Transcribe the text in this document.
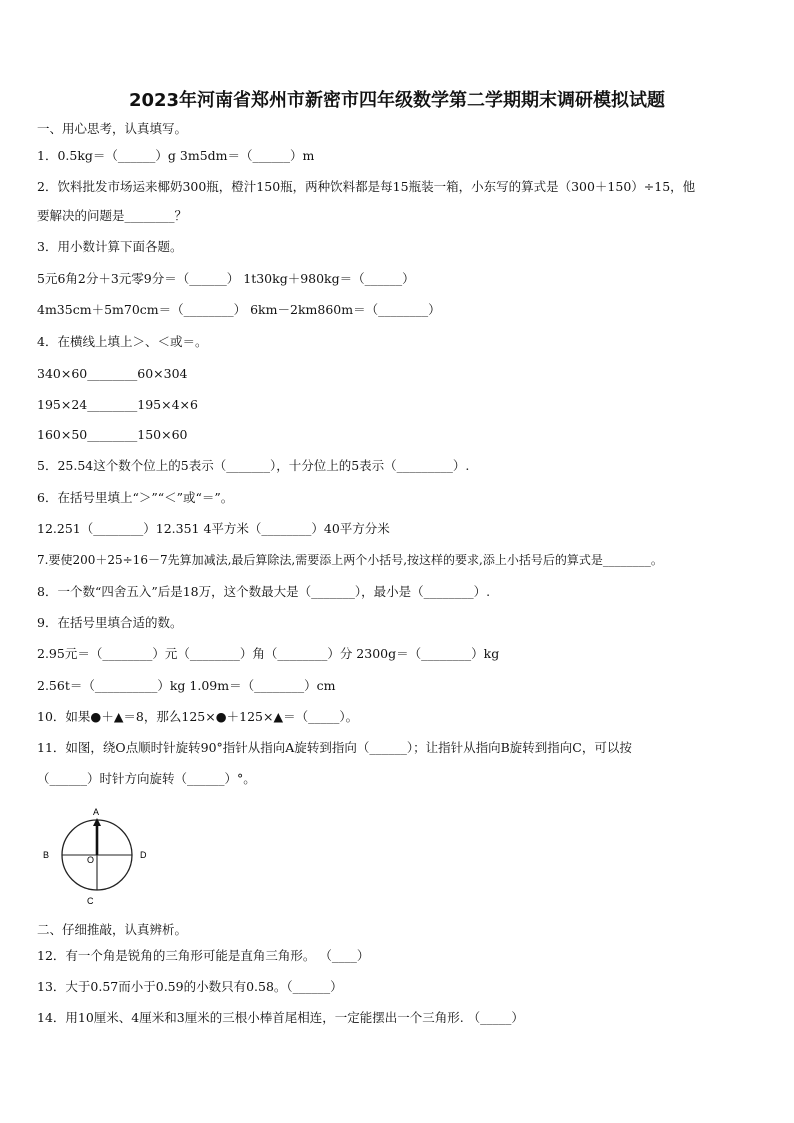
2023年河南省郑州市新密市四年级数学第二学期期末调研模拟试题
一、用心思考，认真填写。
1．0.5kg＝（______）g 3m5dm＝（______）m
2．饮料批发市场运来椰奶300瓶，橙汁150瓶，两种饮料都是每15瓶装一箱，小东写的算式是（300＋150）÷15，他
要解决的问题是________？
3．用小数计算下面各题。
5元6角2分＋3元零9分＝（______） 1t30kg＋980kg＝（______）
4m35cm＋5m70cm＝（________） 6km－2km860m＝（________）
4．在横线上填上＞、＜或＝。
340×60________60×304
195×24________195×4×6
160×50________150×60
5．25.54这个数个位上的5表示（_______），十分位上的5表示（_________）.
6．在括号里填上“＞”“＜”或“＝”。
12.251（________）12.351 4平方米（________）40平方分米
7.要使200＋25÷16－7先算加减法,最后算除法,需要添上两个小括号,按这样的要求,添上小括号后的算式是________。
8．一个数“四舍五入”后是18万，这个数最大是（_______），最小是（________）.
9．在括号里填合适的数。
2.95元＝（________）元（________）角（________）分 2300g＝（________）kg
2.56t＝（__________）kg 1.09m＝（________）cm
10．如果●＋▲＝8，那么125×●＋125×▲＝（_____）。
11．如图，绕O点顺时针旋转90°指针从指向A旋转到指向（______）；让指针从指向B旋转到指向C，可以按
（______）时针方向旋转（______）°。
A
B
C
D
O
二、仔细推敲，认真辨析。
12．有一个角是锐角的三角形可能是直角三角形。 （____）
13．大于0.57而小于0.59的小数只有0.58。（______）
14．用10厘米、4厘米和3厘米的三根小棒首尾相连，一定能摆出一个三角形. （_____）
